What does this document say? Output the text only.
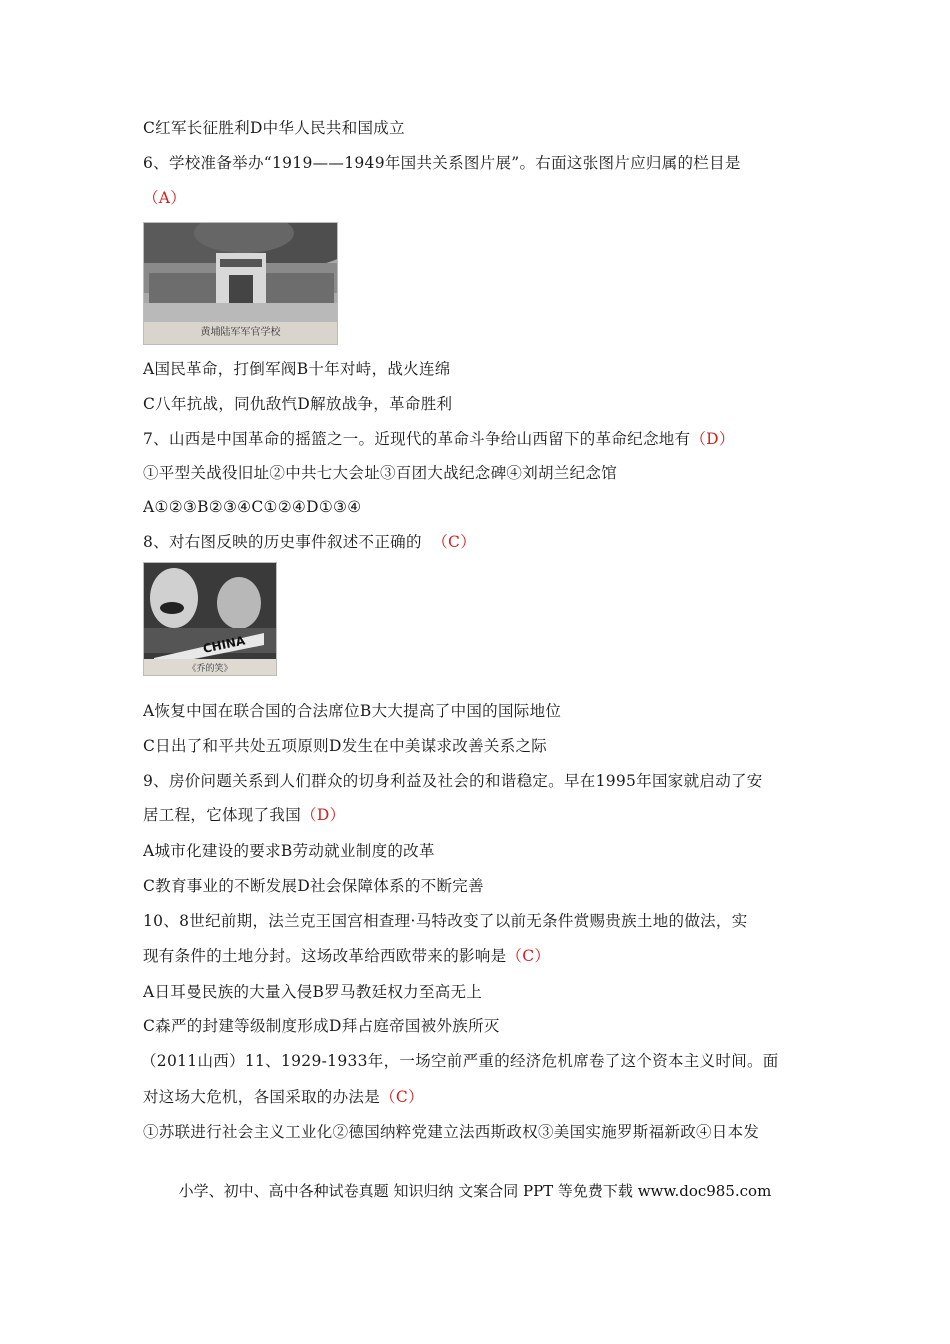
C红军长征胜利D中华人民共和国成立
6、学校准备举办“1919——1949年国共关系图片展”。右面这张图片应归属的栏目是
（A）
黄埔陆军军官学校
A国民革命，打倒军阀B十年对峙，战火连绵
C八年抗战，同仇敌忾D解放战争，革命胜利
7、山西是中国革命的摇篮之一。近现代的革命斗争给山西留下的革命纪念地有（D）
①平型关战役旧址②中共七大会址③百团大战纪念碑④刘胡兰纪念馆
A①②③B②③④C①②④D①③④
8、对右图反映的历史事件叙述不正确的 （C）
CHINA
《乔的笑》
A恢复中国在联合国的合法席位B大大提高了中国的国际地位
C日出了和平共处五项原则D发生在中美谋求改善关系之际
9、房价问题关系到人们群众的切身利益及社会的和谐稳定。早在1995年国家就启动了安
居工程，它体现了我国（D）
A城市化建设的要求B劳动就业制度的改革
C教育事业的不断发展D社会保障体系的不断完善
10、8世纪前期，法兰克王国宫相查理·马特改变了以前无条件赏赐贵族土地的做法，实
现有条件的土地分封。这场改革给西欧带来的影响是（C）
A日耳曼民族的大量入侵B罗马教廷权力至高无上
C森严的封建等级制度形成D拜占庭帝国被外族所灭
（2011山西）11、1929-1933年，一场空前严重的经济危机席卷了这个资本主义时间。面
对这场大危机，各国采取的办法是（C）
①苏联进行社会主义工业化②德国纳粹党建立法西斯政权③美国实施罗斯福新政④日本发
小学、初中、高中各种试卷真题 知识归纳 文案合同 PPT 等免费下载 www.doc985.com
